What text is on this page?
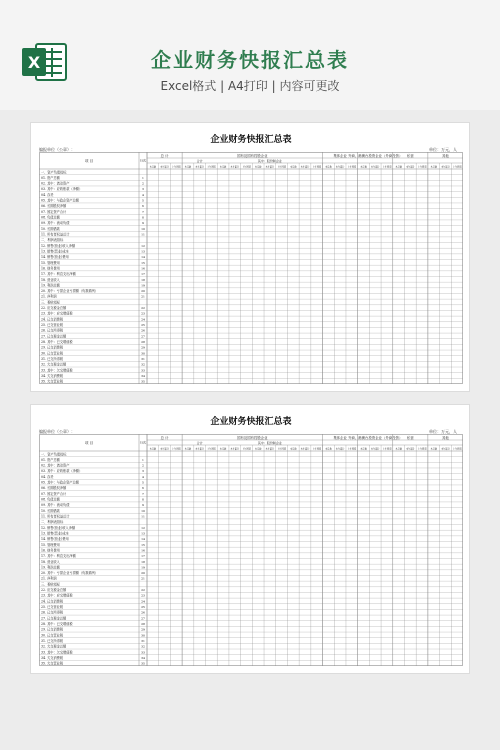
X	企业财务快报汇总表
Excel格式 | A4打印 | 内容可更改
企业财务快报汇总表
编报单位（公章）：	单位：万元，人
总 计	国有及国有控股企业	集体企业 外商、港澳台投资企业（外商投资） 私营	其他
合计	其中：股份制企业
本月数	本年累计	上年同期	本月数	本年累计	上年同期	本月数	本年累计	上年同期	本月数	本年累计	上年同期	本月数	本年累计	上年同期	本月数	本年累计	上年同期	本月数	本年累计	上年同期	本月数	本年累计	上年同期	本月数	本年累计	上年同期
项 目	行次
一、资产负债指标
01. 资产总额	1
02. 其中：流动资产	2
03. 其中：应收账款（净额）	3
04. 存货	4
05. 其中：与政企资产总额	5
06. 长期股权净额	6
07. 固定资产合计	7
08. 负债总额	8
09. 其中：流动负债	9
10. 长期借款	10
11. 所有者权益总计	11
二、利润表指标
12. 销售(营业)收入净额	12
13. 销售(营业)成本	13
14. 销售(营业)费用	14
15. 管理费用	15
16. 财务费用	16
17. 其中：利息支出净额	17
18. 营业收入	18
19. 利润总额	19
20. 其中：亏损企业亏损额（负数填列）	20
21. 净利润	21
三、税收指标
22. 应交税金总额	22
23. 其中：应交增值税	23
24. 已交消费税	24
25. 已交营业税	25
26. 已交所得税	26
27. 已交税金总额	27
28. 其中：已交增值税	28
29. 已交消费税	29
30. 已交营业税	30
31. 已交所得税	31
32. 欠交税金总额	32
33. 其中：欠交增值税	33
34. 欠交消费税	34
35. 欠交营业税	35
企业财务快报汇总表
编报单位（公章）：	单位：万元，人
总 计	国有及国有控股企业	集体企业 外商、港澳台投资企业（外商投资） 私营	其他
合计	其中：股份制企业
本月数	本年累计	上年同期	本月数	本年累计	上年同期	本月数	本年累计	上年同期	本月数	本年累计	上年同期	本月数	本年累计	上年同期	本月数	本年累计	上年同期	本月数	本年累计	上年同期	本月数	本年累计	上年同期	本月数	本年累计	上年同期
项 目	行次
一、资产负债指标
01. 资产总额	1
02. 其中：流动资产	2
03. 其中：应收账款（净额）	3
04. 存货	4
05. 其中：与政企资产总额	5
06. 长期股权净额	6
07. 固定资产合计	7
08. 负债总额	8
09. 其中：流动负债	9
10. 长期借款	10
11. 所有者权益总计	11
二、利润表指标
12. 销售(营业)收入净额	12
13. 销售(营业)成本	13
14. 销售(营业)费用	14
15. 管理费用	15
16. 财务费用	16
17. 其中：利息支出净额	17
18. 营业收入	18
19. 利润总额	19
20. 其中：亏损企业亏损额（负数填列）	20
21. 净利润	21
三、税收指标
22. 应交税金总额	22
23. 其中：应交增值税	23
24. 已交消费税	24
25. 已交营业税	25
26. 已交所得税	26
27. 已交税金总额	27
28. 其中：已交增值税	28
29. 已交消费税	29
30. 已交营业税	30
31. 已交所得税	31
32. 欠交税金总额	32
33. 其中：欠交增值税	33
34. 欠交消费税	34
35. 欠交营业税	35
